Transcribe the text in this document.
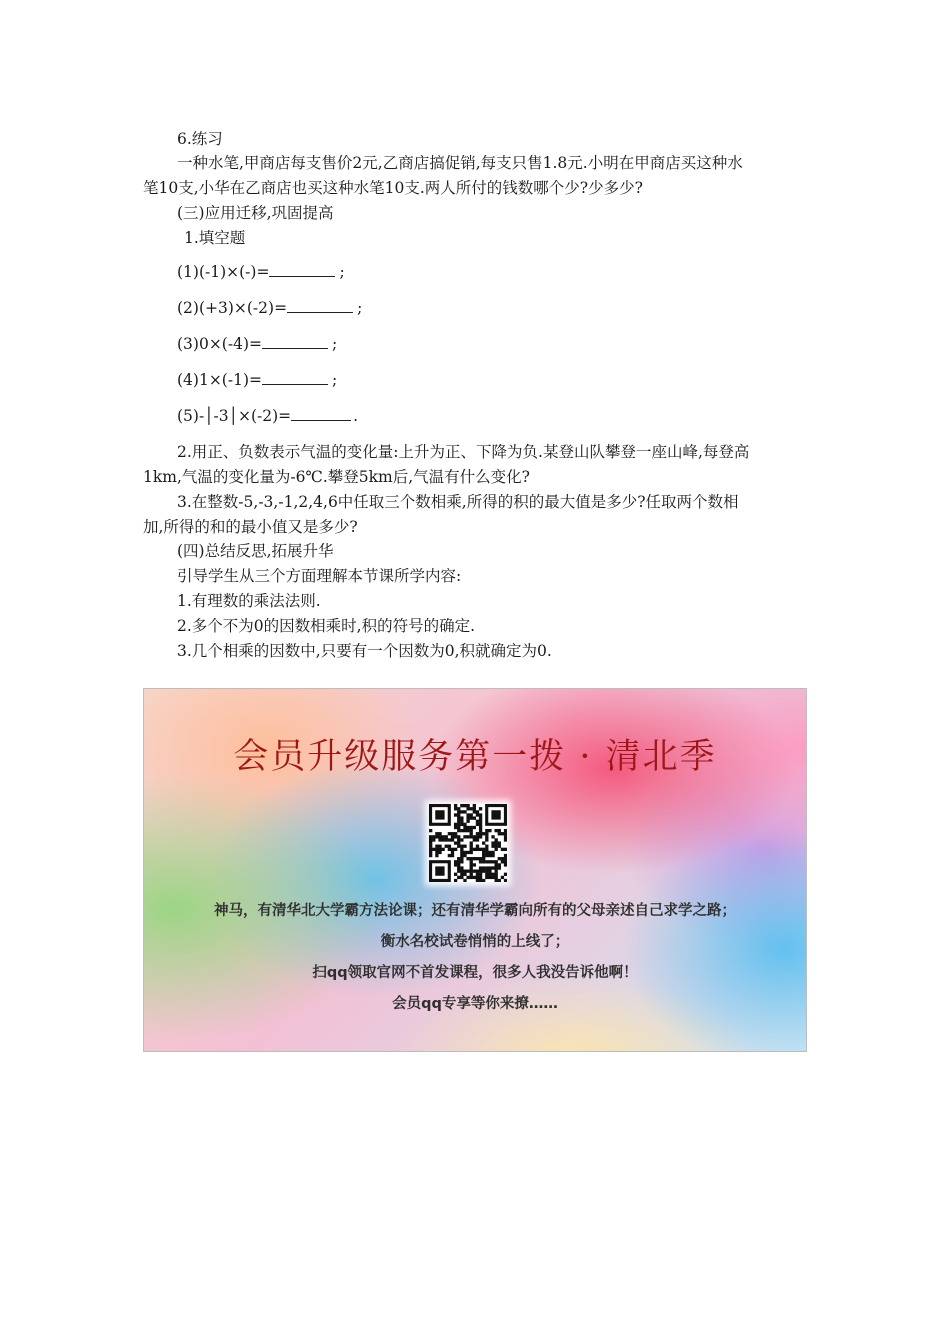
6.练习
一种水笔,甲商店每支售价2元,乙商店搞促销,每支只售1.8元.小明在甲商店买这种水
笔10支,小华在乙商店也买这种水笔10支.两人所付的钱数哪个少?少多少?
(三)应用迁移,巩固提高
1.填空题
(1)(-1)×(-)=	;
(2)(+3)×(-2)=	;
(3)0×(-4)=	;
(4)1×(-1)=	;
(5)-│-3│×(-2)=	.
2.用正、负数表示气温的变化量:上升为正、下降为负.某登山队攀登一座山峰,每登高
1km,气温的变化量为-6℃.攀登5km后,气温有什么变化?
3.在整数-5,-3,-1,2,4,6中任取三个数相乘,所得的积的最大值是多少?任取两个数相
加,所得的和的最小值又是多少?
(四)总结反思,拓展升华
引导学生从三个方面理解本节课所学内容:
1.有理数的乘法法则.
2.多个不为0的因数相乘时,积的符号的确定.
3.几个相乘的因数中,只要有一个因数为0,积就确定为0.
会员升级服务第一拨 · 清北季
神马，有清华北大学霸方法论课；还有清华学霸向所有的父母亲述自己求学之路；
衡水名校试卷悄悄的上线了；
扫qq领取官网不首发课程，很多人我没告诉他啊！
会员qq专享等你来撩……
